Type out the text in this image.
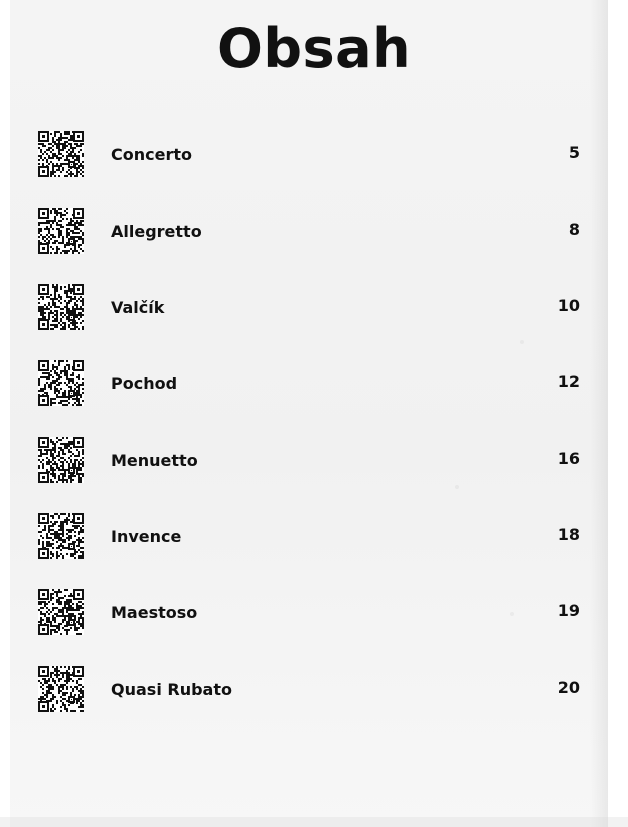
Obsah
Concerto	5
Allegretto	8
Valčík	10
Pochod	12
Menuetto	16
Invence	18
Maestoso	19
Quasi Rubato	20
